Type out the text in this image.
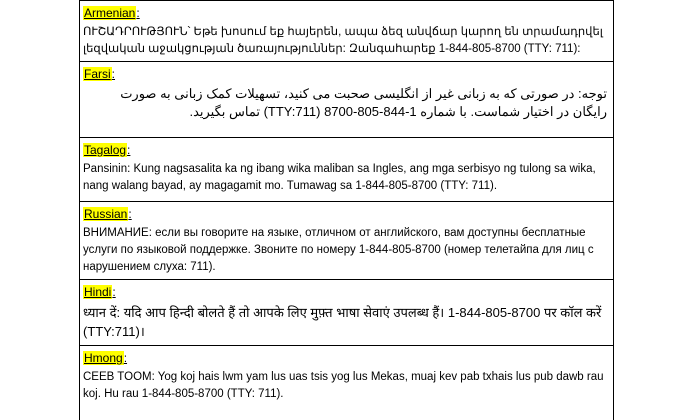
Armenian:
ՈՒՇԱԴՐՈՒԹՅՈՒՆ՝ Եթե խոսում եք հայերեն, ապա ձեզ անվճար կարող են տրամադրվել լեզվական աջակցության ծառայություններ: Զանգահարեք 1-844-805-8700 (TTY: 711):
Farsi:
توجه: در صورتی که به زبانی غیر از انگلیسی صحبت می کنید، تسهیلات کمک زبانی به صورت رایگان در اختیار شماست. با شماره 1-844-805-8700 (TTY:711) تماس بگیرید.
Tagalog:
Pansinin: Kung nagsasalita ka ng ibang wika maliban sa Ingles, ang mga serbisyo ng tulong sa wika, nang walang bayad, ay magagamit mo. Tumawag sa 1-844-805-8700 (TTY: 711).
Russian:
ВНИМАНИЕ: если вы говорите на языке, отличном от английского, вам доступны бесплатные услуги по языковой поддержке. Звоните по номеру 1-844-805-8700 (номер телетайпа для лиц с нарушением слуха: 711).
Hindi:
ध्यान दें: यदि आप हिन्दी बोलते हैं तो आपके लिए मुफ़्त भाषा सेवाएं उपलब्ध हैं। 1-844-805-8700 पर कॉल करें (TTY:711)।
Hmong:
CEEB TOOM: Yog koj hais lwm yam lus uas tsis yog lus Mekas, muaj kev pab txhais lus pub dawb rau koj. Hu rau 1-844-805-8700 (TTY: 711).
